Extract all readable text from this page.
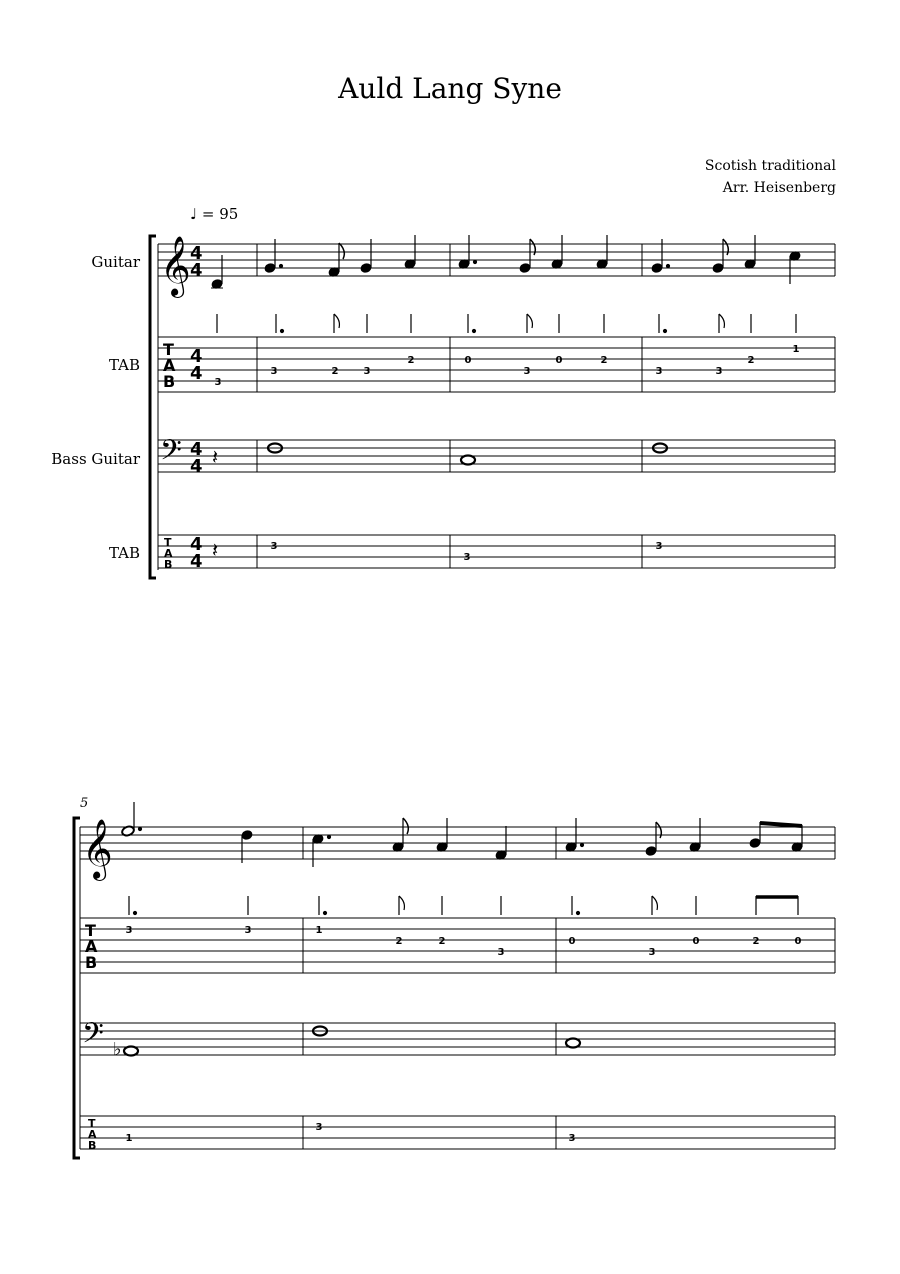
Auld Lang Syne
Scotish traditional
Arr. Heisenberg
♩ = 95
Guitar
TAB
Bass Guitar
TAB
5
𝄞 4
4
T
A
B
4
4 3
3	2	3
2	0
3
0	2
3	3
2
1
𝄢 4
4 𝄽
T
A
B
4
4 𝄽	3
3
3
𝄞
T
A
B
3	3	1
2	2
3
0
3
0	2	0
𝄢 ♭
T
A
B
1
3
3
